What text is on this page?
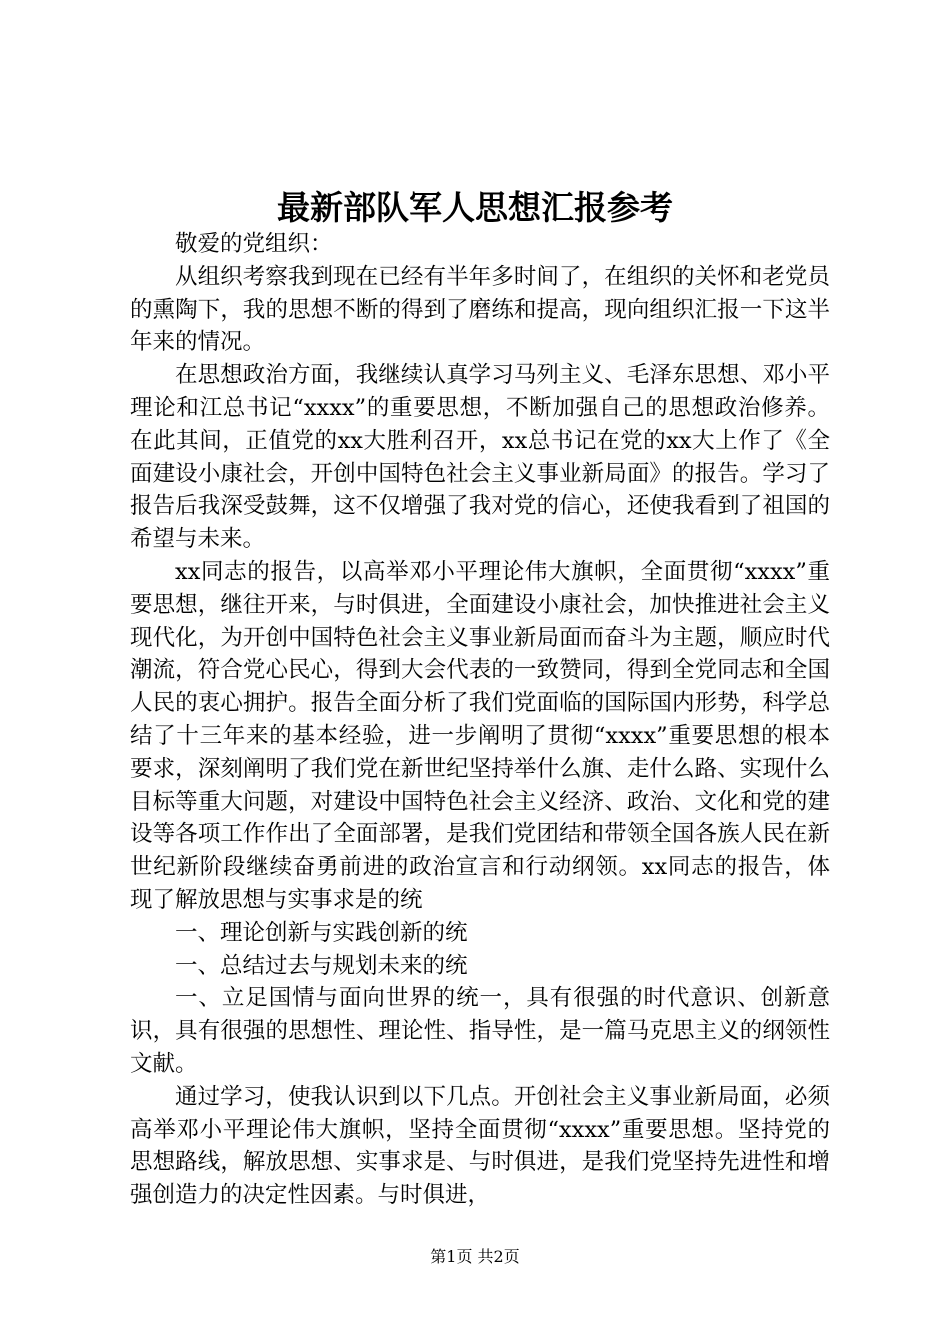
最新部队军人思想汇报参考

敬爱的党组织：

从组织考察我到现在已经有半年多时间了，在组织的关怀和老党员的熏陶下，我的思想不断的得到了磨练和提高，现向组织汇报一下这半年来的情况。

在思想政治方面，我继续认真学习马列主义、毛泽东思想、邓小平理论和江总书记“xxxx”的重要思想，不断加强自己的思想政治修养。在此其间，正值党的xx大胜利召开，xx总书记在党的xx大上作了《全面建设小康社会，开创中国特色社会主义事业新局面》的报告。学习了报告后我深受鼓舞，这不仅增强了我对党的信心，还使我看到了祖国的希望与未来。

xx同志的报告，以高举邓小平理论伟大旗帜，全面贯彻“xxxx”重要思想，继往开来，与时俱进，全面建设小康社会，加快推进社会主义现代化，为开创中国特色社会主义事业新局面而奋斗为主题，顺应时代潮流，符合党心民心，得到大会代表的一致赞同，得到全党同志和全国人民的衷心拥护。报告全面分析了我们党面临的国际国内形势，科学总结了十三年来的基本经验，进一步阐明了贯彻“xxxx”重要思想的根本要求，深刻阐明了我们党在新世纪坚持举什么旗、走什么路、实现什么目标等重大问题，对建设中国特色社会主义经济、政治、文化和党的建设等各项工作作出了全面部署，是我们党团结和带领全国各族人民在新世纪新阶段继续奋勇前进的政治宣言和行动纲领。xx同志的报告，体现了解放思想与实事求是的统

一、理论创新与实践创新的统

一、总结过去与规划未来的统

一、立足国情与面向世界的统一，具有很强的时代意识、创新意识，具有很强的思想性、理论性、指导性，是一篇马克思主义的纲领性文献。

通过学习，使我认识到以下几点。开创社会主义事业新局面，必须高举邓小平理论伟大旗帜，坚持全面贯彻“xxxx”重要思想。坚持党的思想路线，解放思想、实事求是、与时俱进，是我们党坚持先进性和增强创造力的决定性因素。与时俱进，

第1页 共2页
